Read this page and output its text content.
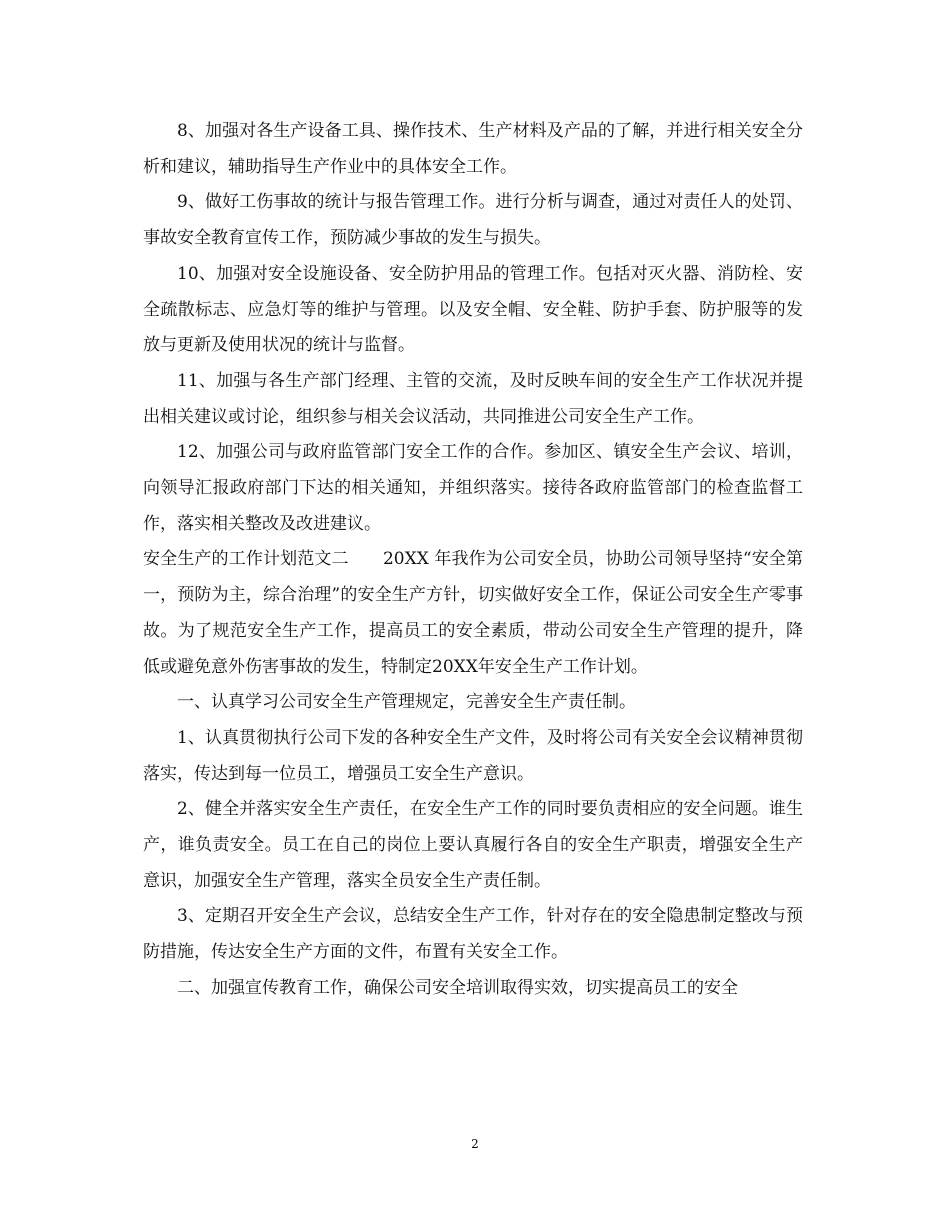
8、加强对各生产设备工具、操作技术、生产材料及产品的了解，并进行相关安全分析和建议，辅助指导生产作业中的具体安全工作。

9、做好工伤事故的统计与报告管理工作。进行分析与调查，通过对责任人的处罚、事故安全教育宣传工作，预防减少事故的发生与损失。

10、加强对安全设施设备、安全防护用品的管理工作。包括对灭火器、消防栓、安全疏散标志、应急灯等的维护与管理。以及安全帽、安全鞋、防护手套、防护服等的发放与更新及使用状况的统计与监督。

11、加强与各生产部门经理、主管的交流，及时反映车间的安全生产工作状况并提出相关建议或讨论，组织参与相关会议活动，共同推进公司安全生产工作。

12、加强公司与政府监管部门安全工作的合作。参加区、镇安全生产会议、培训，向领导汇报政府部门下达的相关通知，并组织落实。接待各政府监管部门的检查监督工作，落实相关整改及改进建议。

安全生产的工作计划范文二　　20XX 年我作为公司安全员，协助公司领导坚持“安全第一，预防为主，综合治理”的安全生产方针，切实做好安全工作，保证公司安全生产零事故。为了规范安全生产工作，提高员工的安全素质，带动公司安全生产管理的提升，降低或避免意外伤害事故的发生，特制定20XX年安全生产工作计划。

一、认真学习公司安全生产管理规定，完善安全生产责任制。

1、认真贯彻执行公司下发的各种安全生产文件，及时将公司有关安全会议精神贯彻落实，传达到每一位员工，增强员工安全生产意识。

2、健全并落实安全生产责任，在安全生产工作的同时要负责相应的安全问题。谁生产，谁负责安全。员工在自己的岗位上要认真履行各自的安全生产职责，增强安全生产意识，加强安全生产管理，落实全员安全生产责任制。

3、定期召开安全生产会议，总结安全生产工作，针对存在的安全隐患制定整改与预防措施，传达安全生产方面的文件，布置有关安全工作。

二、加强宣传教育工作，确保公司安全培训取得实效，切实提高员工的安全

2
